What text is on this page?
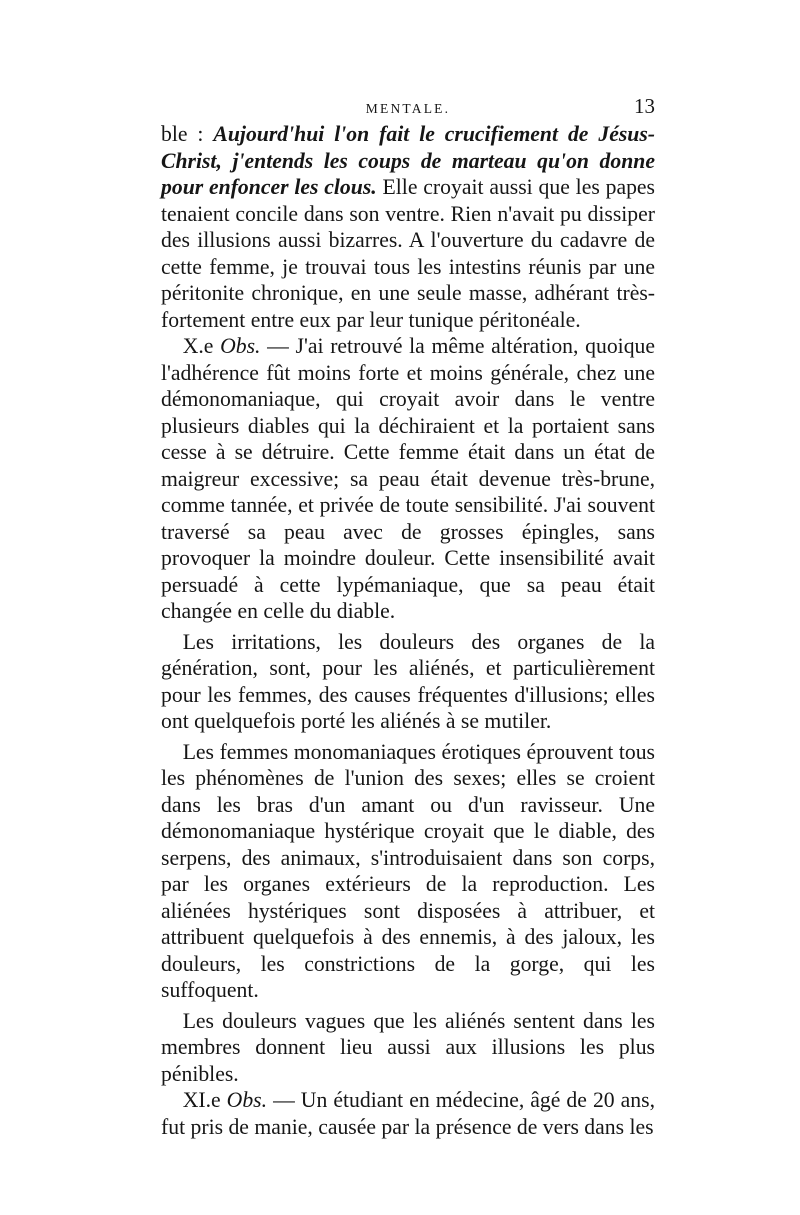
MENTALE.	13

ble : Aujourd'hui l'on fait le crucifiement de Jésus-Christ, j'entends les coups de marteau qu'on donne pour enfoncer les clous. Elle croyait aussi que les papes tenaient concile dans son ventre. Rien n'avait pu dissiper des illusions aussi bizarres. A l'ouverture du cadavre de cette femme, je trouvai tous les intestins réunis par une péritonite chronique, en une seule masse, adhérant très-fortement entre eux par leur tunique péritonéale.

X.e Obs. — J'ai retrouvé la même altération, quoique l'adhérence fût moins forte et moins générale, chez une démonomaniaque, qui croyait avoir dans le ventre plusieurs diables qui la déchiraient et la portaient sans cesse à se détruire. Cette femme était dans un état de maigreur excessive; sa peau était devenue très-brune, comme tannée, et privée de toute sensibilité. J'ai souvent traversé sa peau avec de grosses épingles, sans provoquer la moindre douleur. Cette insensibilité avait persuadé à cette lypémaniaque, que sa peau était changée en celle du diable.

Les irritations, les douleurs des organes de la génération, sont, pour les aliénés, et particulièrement pour les femmes, des causes fréquentes d'illusions; elles ont quelquefois porté les aliénés à se mutiler.

Les femmes monomaniaques érotiques éprouvent tous les phénomènes de l'union des sexes; elles se croient dans les bras d'un amant ou d'un ravisseur. Une démonomaniaque hystérique croyait que le diable, des serpens, des animaux, s'introduisaient dans son corps, par les organes extérieurs de la reproduction. Les aliénées hystériques sont disposées à attribuer, et attribuent quelquefois à des ennemis, à des jaloux, les douleurs, les constrictions de la gorge, qui les suffoquent.

Les douleurs vagues que les aliénés sentent dans les membres donnent lieu aussi aux illusions les plus pénibles.

XI.e Obs. — Un étudiant en médecine, âgé de 20 ans, fut pris de manie, causée par la présence de vers dans les
